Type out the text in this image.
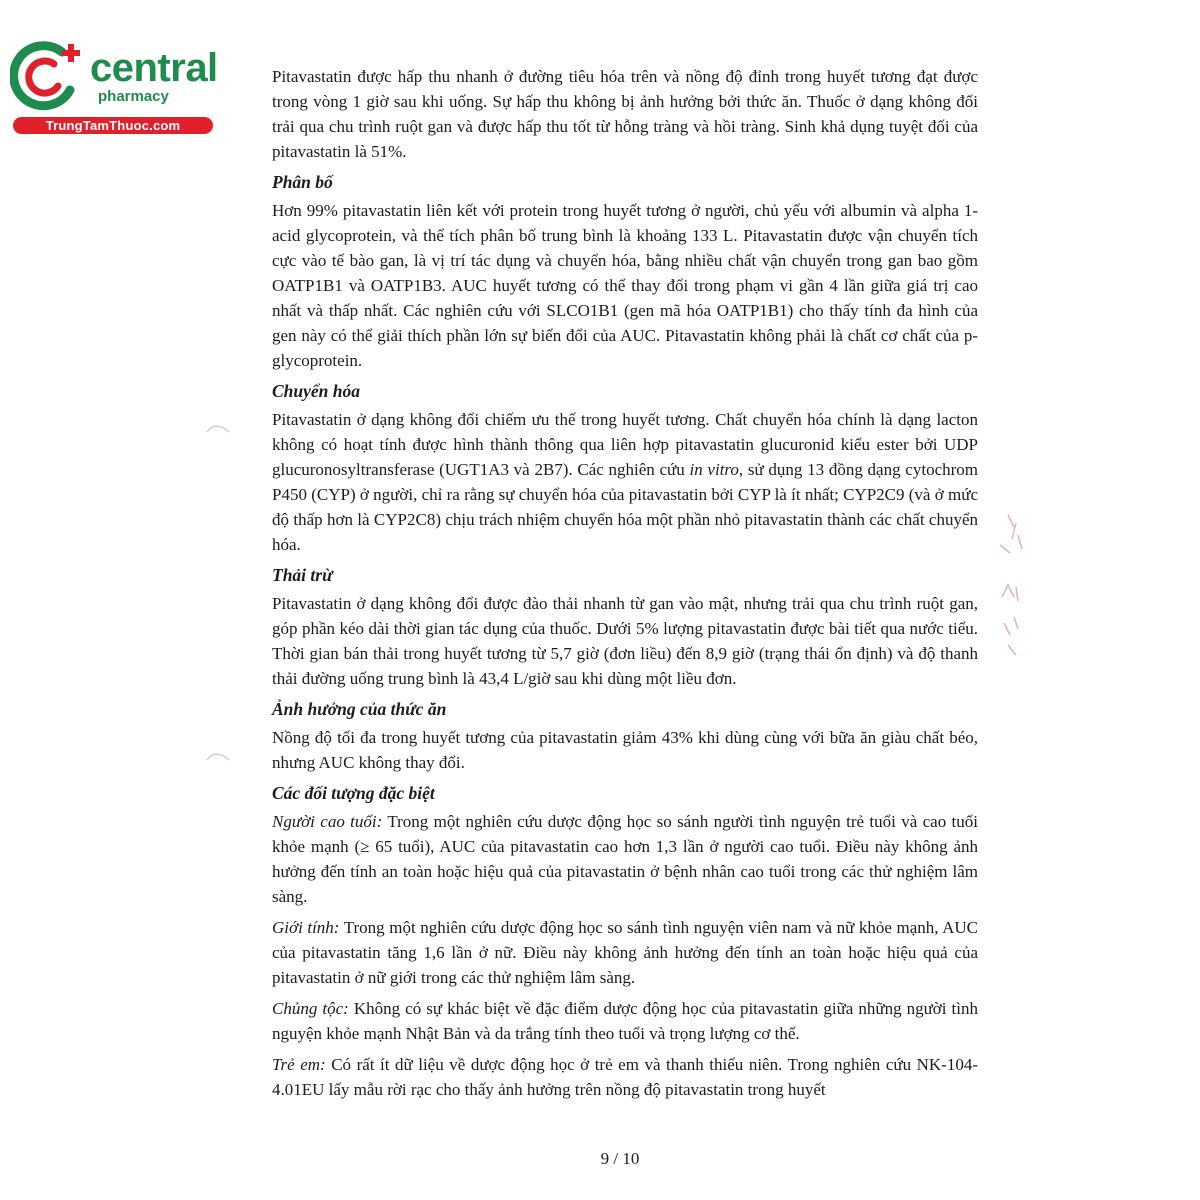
central
pharmacy
TrungTamThuoc.com

Pitavastatin được hấp thu nhanh ở đường tiêu hóa trên và nồng độ đỉnh trong huyết tương đạt được trong vòng 1 giờ sau khi uống. Sự hấp thu không bị ảnh hưởng bởi thức ăn. Thuốc ở dạng không đổi trải qua chu trình ruột gan và được hấp thu tốt từ hỗng tràng và hồi tràng. Sinh khả dụng tuyệt đối của pitavastatin là 51%.

Phân bố

Hơn 99% pitavastatin liên kết với protein trong huyết tương ở người, chủ yếu với albumin và alpha 1-acid glycoprotein, và thể tích phân bố trung bình là khoảng 133 L. Pitavastatin được vận chuyển tích cực vào tế bào gan, là vị trí tác dụng và chuyển hóa, bằng nhiều chất vận chuyển trong gan bao gồm OATP1B1 và OATP1B3. AUC huyết tương có thể thay đổi trong phạm vi gần 4 lần giữa giá trị cao nhất và thấp nhất. Các nghiên cứu với SLCO1B1 (gen mã hóa OATP1B1) cho thấy tính đa hình của gen này có thể giải thích phần lớn sự biến đổi của AUC. Pitavastatin không phải là chất cơ chất của p-glycoprotein.

Chuyển hóa

Pitavastatin ở dạng không đổi chiếm ưu thế trong huyết tương. Chất chuyển hóa chính là dạng lacton không có hoạt tính được hình thành thông qua liên hợp pitavastatin glucuronid kiểu ester bởi UDP glucuronosyltransferase (UGT1A3 và 2B7). Các nghiên cứu in vitro, sử dụng 13 đồng dạng cytochrom P450 (CYP) ở người, chỉ ra rằng sự chuyển hóa của pitavastatin bởi CYP là ít nhất; CYP2C9 (và ở mức độ thấp hơn là CYP2C8) chịu trách nhiệm chuyển hóa một phần nhỏ pitavastatin thành các chất chuyển hóa.

Thải trừ

Pitavastatin ở dạng không đổi được đào thải nhanh từ gan vào mật, nhưng trải qua chu trình ruột gan, góp phần kéo dài thời gian tác dụng của thuốc. Dưới 5% lượng pitavastatin được bài tiết qua nước tiểu. Thời gian bán thải trong huyết tương từ 5,7 giờ (đơn liều) đến 8,9 giờ (trạng thái ổn định) và độ thanh thải đường uống trung bình là 43,4 L/giờ sau khi dùng một liều đơn.

Ảnh hưởng của thức ăn

Nồng độ tối đa trong huyết tương của pitavastatin giảm 43% khi dùng cùng với bữa ăn giàu chất béo, nhưng AUC không thay đổi.

Các đối tượng đặc biệt

Người cao tuổi: Trong một nghiên cứu dược động học so sánh người tình nguyện trẻ tuổi và cao tuổi khỏe mạnh (≥ 65 tuổi), AUC của pitavastatin cao hơn 1,3 lần ở người cao tuổi. Điều này không ảnh hưởng đến tính an toàn hoặc hiệu quả của pitavastatin ở bệnh nhân cao tuổi trong các thử nghiệm lâm sàng.

Giới tính: Trong một nghiên cứu dược động học so sánh tình nguyện viên nam và nữ khỏe mạnh, AUC của pitavastatin tăng 1,6 lần ở nữ. Điều này không ảnh hưởng đến tính an toàn hoặc hiệu quả của pitavastatin ở nữ giới trong các thử nghiệm lâm sàng.

Chủng tộc: Không có sự khác biệt về đặc điểm dược động học của pitavastatin giữa những người tình nguyện khỏe mạnh Nhật Bản và da trắng tính theo tuổi và trọng lượng cơ thể.

Trẻ em: Có rất ít dữ liệu về dược động học ở trẻ em và thanh thiếu niên. Trong nghiên cứu NK-104-4.01EU lấy mẫu rời rạc cho thấy ảnh hưởng trên nồng độ pitavastatin trong huyết

9 / 10
